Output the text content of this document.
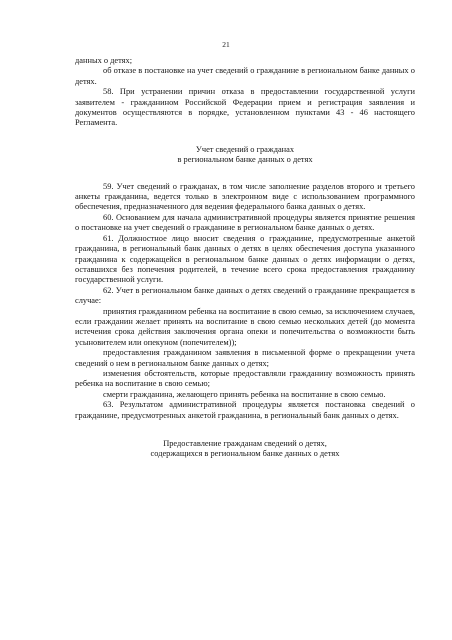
21

данных о детях;

об отказе в постановке на учет сведений о гражданине в региональном банке данных о детях.

58. При устранении причин отказа в предоставлении государственной услуги заявителем - гражданином Российской Федерации прием и регистрация заявления и документов осуществляются в порядке, установленном пунктами 43 - 46 настоящего Регламента.

Учет сведений о гражданах
в региональном банке данных о детях

59. Учет сведений о гражданах, в том числе заполнение разделов второго и третьего анкеты гражданина, ведется только в электронном виде с использованием программного обеспечения, предназначенного для ведения федерального банка данных о детях.

60. Основанием для начала административной процедуры является принятие решения о постановке на учет сведений о гражданине в региональном банке данных о детях.

61. Должностное лицо вносит сведения о гражданине, предусмотренные анкетой гражданина, в региональный банк данных о детях в целях обеспечения доступа указанного гражданина к содержащейся в региональном банке данных о детях информации о детях, оставшихся без попечения родителей, в течение всего срока предоставления гражданину государственной услуги.

62. Учет в региональном банке данных о детях сведений о гражданине прекращается в случае:

принятия гражданином ребенка на воспитание в свою семью, за исключением случаев, если гражданин желает принять на воспитание в свою семью нескольких детей (до момента истечения срока действия заключения органа опеки и попечительства о возможности быть усыновителем или опекуном (попечителем));

предоставления гражданином заявления в письменной форме о прекращении учета сведений о нем в региональном банке данных о детях;

изменения обстоятельств, которые предоставляли гражданину возможность принять ребенка на воспитание в свою семью;

смерти гражданина, желающего принять ребенка на воспитание в свою семью.

63. Результатом административной процедуры является постановка сведений о гражданине, предусмотренных анкетой гражданина, в региональный банк данных о детях.

Предоставление гражданам сведений о детях,
содержащихся в региональном банке данных о детях
